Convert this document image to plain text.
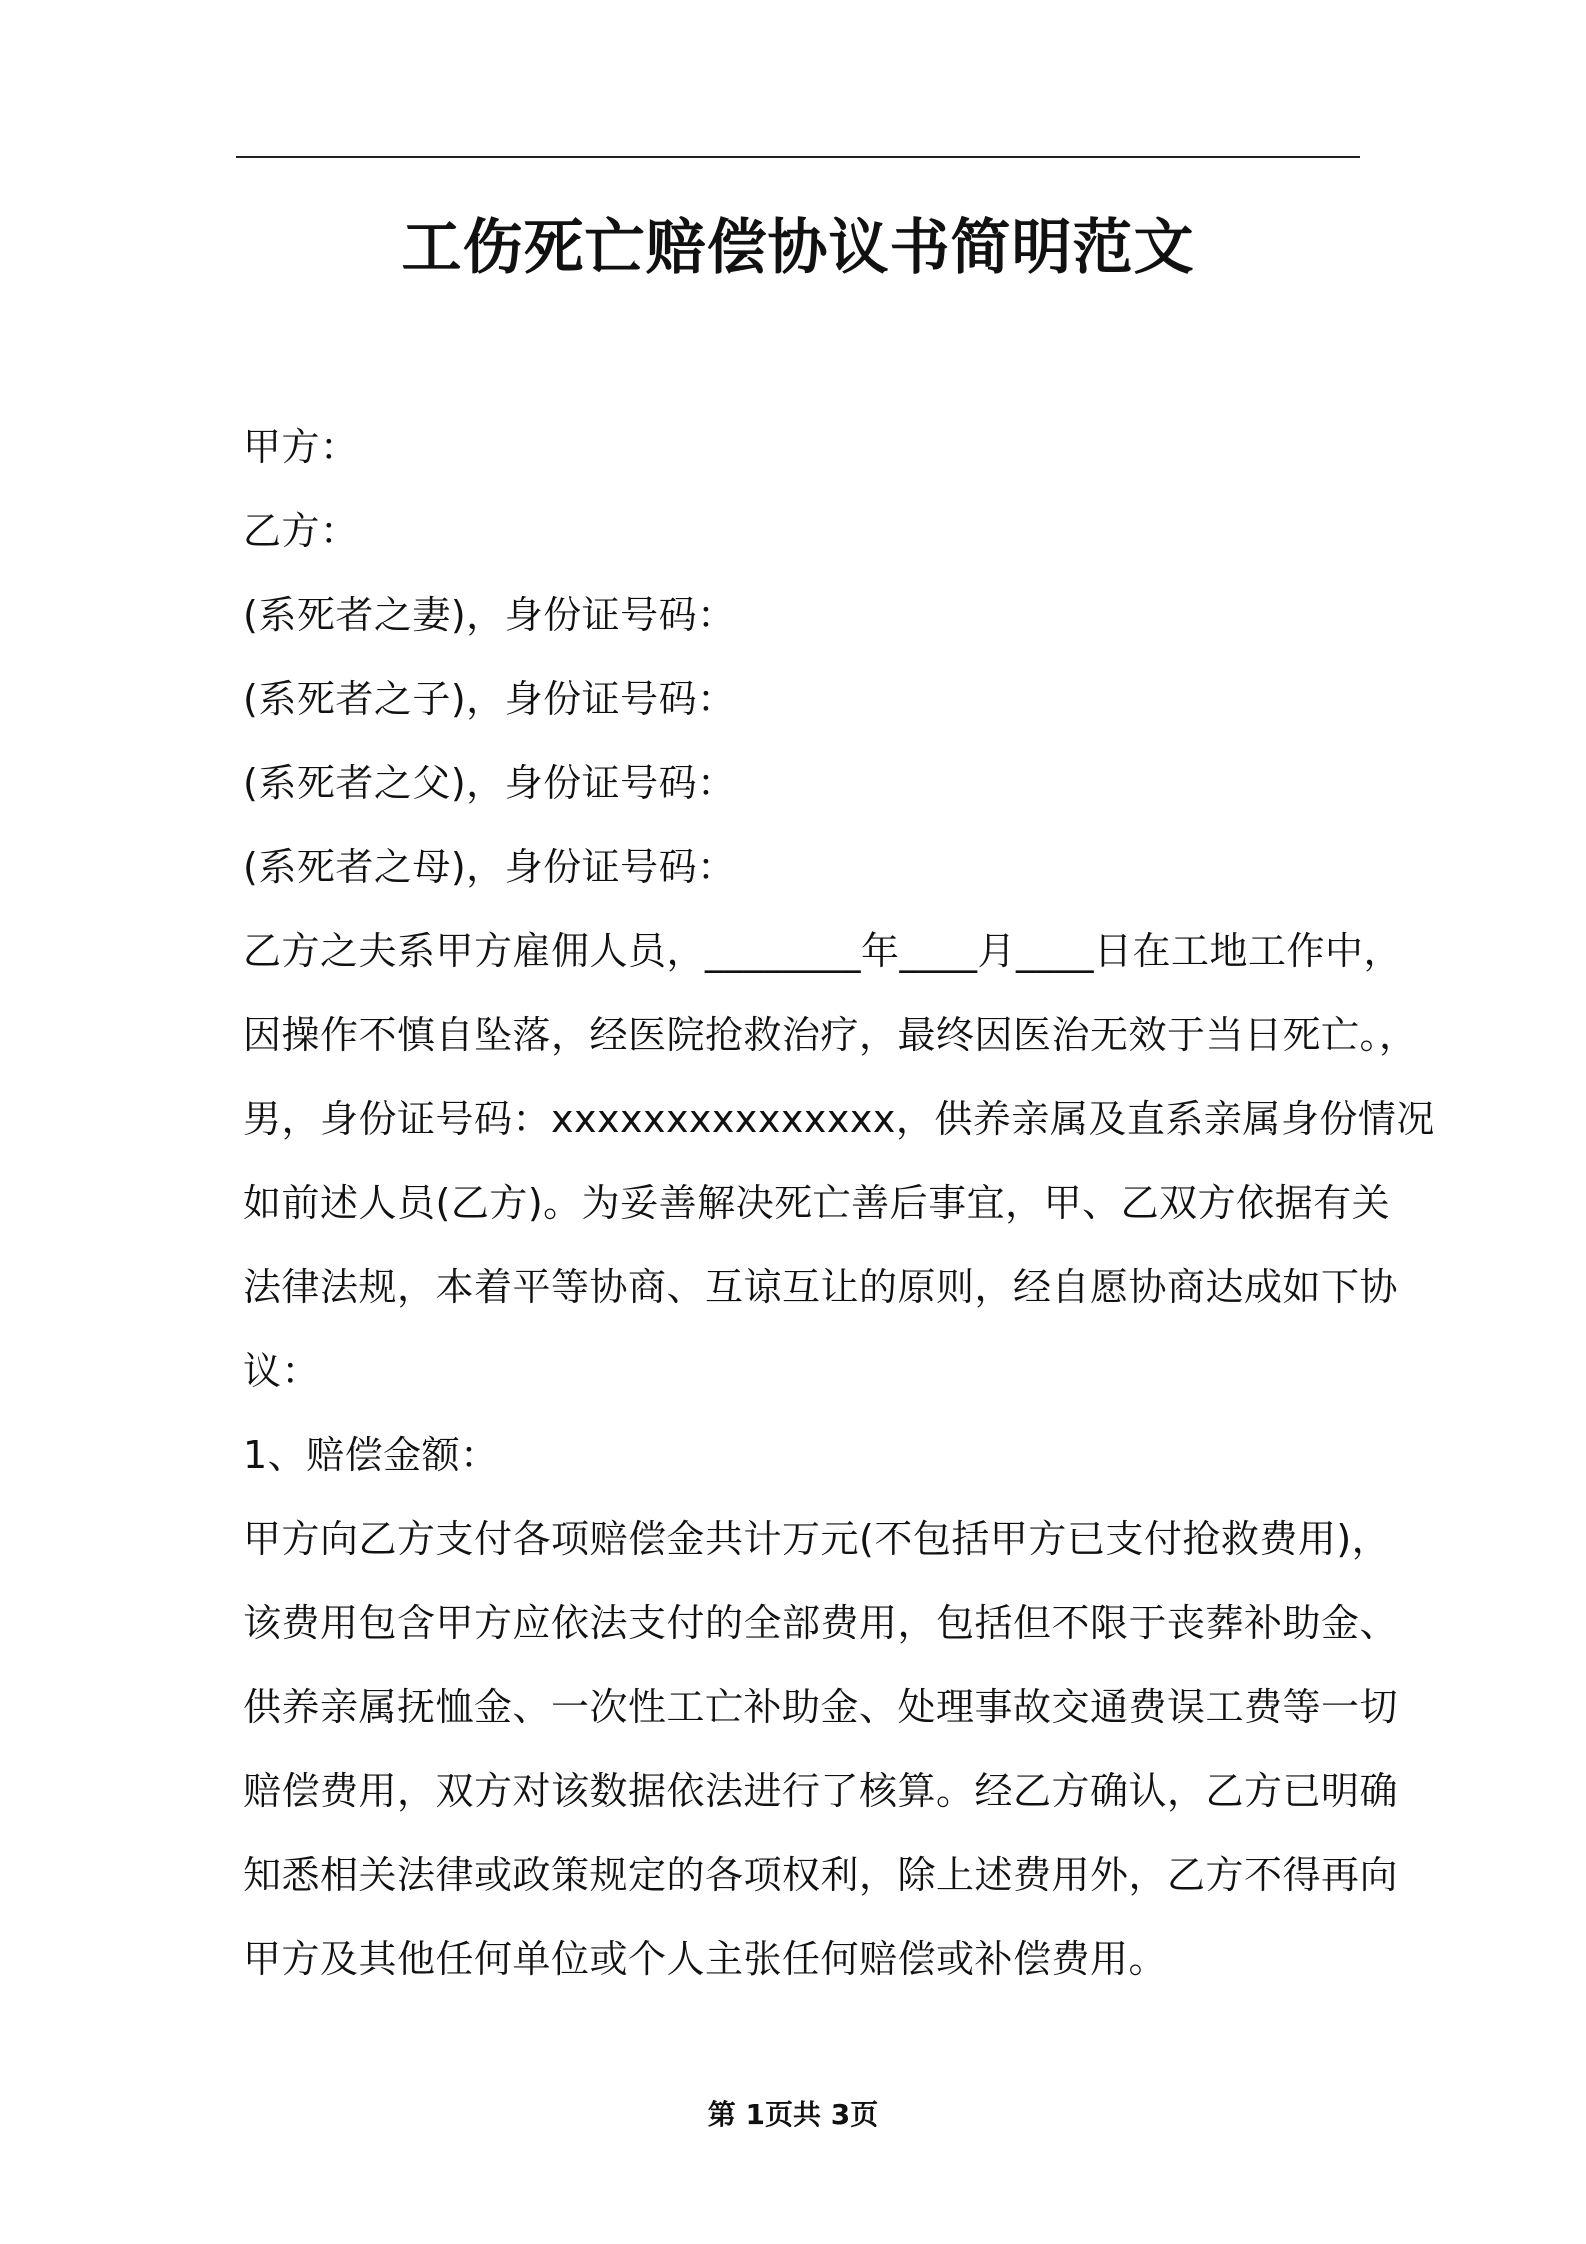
工伤死亡赔偿协议书简明范文
甲方：
乙方：
(系死者之妻)，身份证号码：
(系死者之子)，身份证号码：
(系死者之父)，身份证号码：
(系死者之母)，身份证号码：
乙方之夫系甲方雇佣人员，________年____月____日在工地工作中，
因操作不慎自坠落，经医院抢救治疗，最终因医治无效于当日死亡。，
男，身份证号码：xxxxxxxxxxxxxxx，供养亲属及直系亲属身份情况
如前述人员(乙方)。为妥善解决死亡善后事宜，甲、乙双方依据有关
法律法规，本着平等协商、互谅互让的原则，经自愿协商达成如下协
议：
1、赔偿金额：
甲方向乙方支付各项赔偿金共计万元(不包括甲方已支付抢救费用)，
该费用包含甲方应依法支付的全部费用，包括但不限于丧葬补助金、
供养亲属抚恤金、一次性工亡补助金、处理事故交通费误工费等一切
赔偿费用，双方对该数据依法进行了核算。经乙方确认，乙方已明确
知悉相关法律或政策规定的各项权利，除上述费用外，乙方不得再向
甲方及其他任何单位或个人主张任何赔偿或补偿费用。
第 1页共 3页
